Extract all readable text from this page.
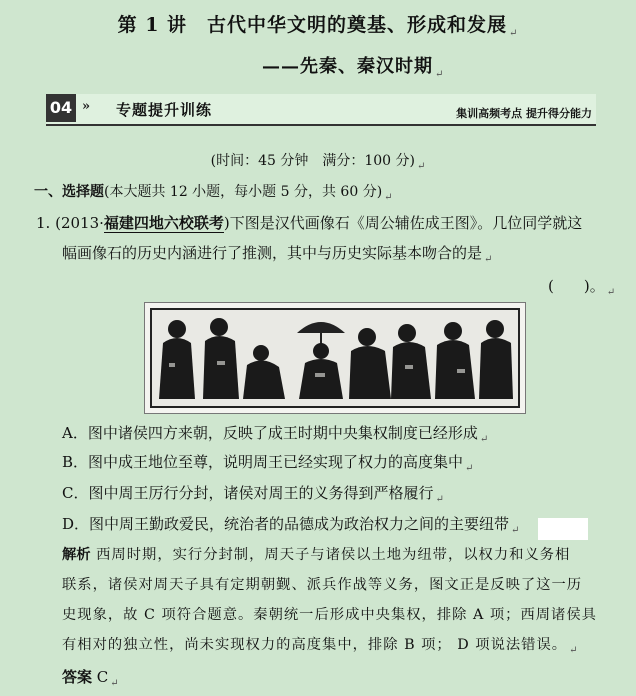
第 1 讲　古代中华文明的奠基、形成和发展 $_↵$
——先秦、秦汉时期 $_↵$
04 » 专题提升训练	集训高频考点 提升得分能力
(时间：45 分钟　满分：100 分) $_↵$
一、选择题(本大题共 12 小题，每小题 5 分，共 60 分) $_↵$
1. (2013·福建四地六校联考)下图是汉代画像石《周公辅佐成王图》。几位同学就这
幅画像石的历史内涵进行了推测，其中与历史实际基本吻合的是 $_↵$
(　　)。 $_↵$
A．图中诸侯四方来朝，反映了成王时期中央集权制度已经形成 $_↵$
B．图中成王地位至尊，说明周王已经实现了权力的高度集中 $_↵$
C．图中周王厉行分封，诸侯对周王的义务得到严格履行 $_↵$
D．图中周王勤政爱民，统治者的品德成为政治权力之间的主要纽带 $_↵$
解析 西周时期，实行分封制，周天子与诸侯以土地为纽带，以权力和义务相
联系，诸侯对周天子具有定期朝觐、派兵作战等义务，图文正是反映了这一历
史现象，故 C 项符合题意。秦朝统一后形成中央集权，排除 A 项；西周诸侯具
有相对的独立性，尚未实现权力的高度集中，排除 B 项； D 项说法错误。 $_↵$
答案 C $_↵$
